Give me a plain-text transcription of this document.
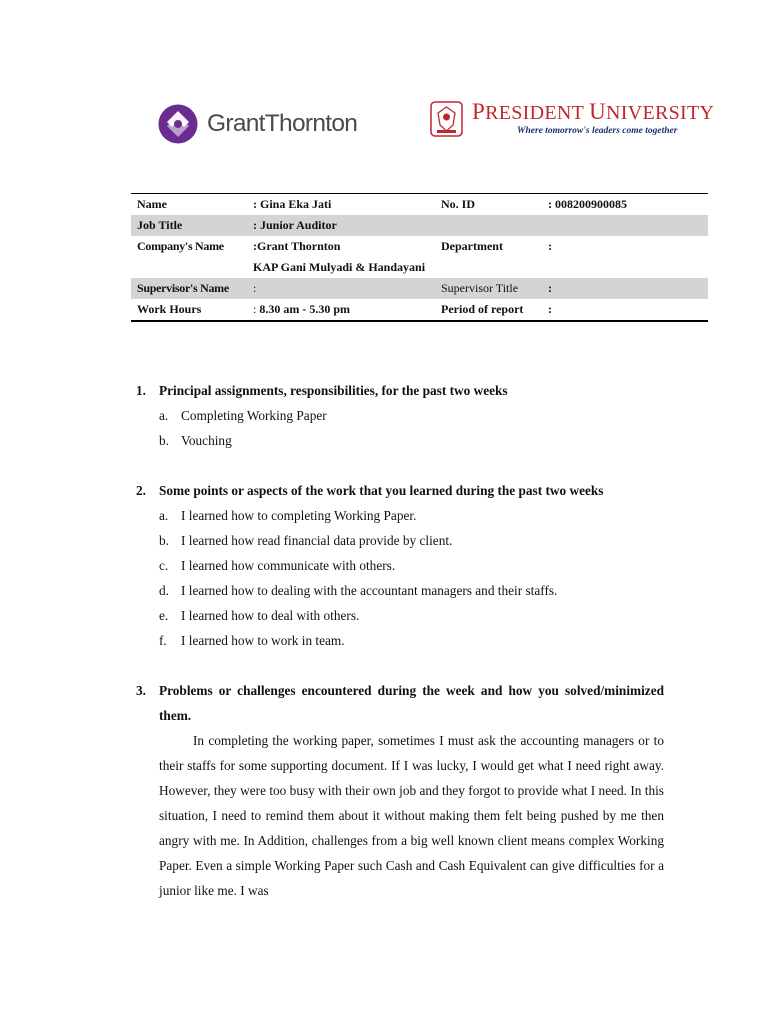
GrantThornton	PRESIDENT UNIVERSITY
Where tomorrow's leaders come together
Name	: Gina Eka Jati	No. ID	: 008200900085
Job Title	: Junior Auditor
Company's Name :Grant Thornton	Department	:
KAP Gani Mulyadi & Handayani
Supervisor's Name :	Supervisor Title :
Work Hours	: 8.30 am - 5.30 pm	Period of report :
1. Principal assignments, responsibilities, for the past two weeks
a. Completing Working Paper
b. Vouching
2. Some points or aspects of the work that you learned during the past two weeks
a. I learned how to completing Working Paper.
b. I learned how read financial data provide by client.
c. I learned how communicate with others.
d. I learned how to dealing with the accountant managers and their staffs.
e. I learned how to deal with others.
f.	I learned how to work in team.
3. Problems or challenges encountered during the week and how you solved/minimized them.
In completing the working paper, sometimes I must ask the accounting managers or to their staffs for some supporting document. If I was lucky, I would get what I need right away. However, they were too busy with their own job and they forgot to provide what I need. In this situation, I need to remind them about it without making them felt being pushed by me then angry with me. In Addition, challenges from a big well known client means complex Working Paper. Even a simple Working Paper such Cash and Cash Equivalent can give difficulties for a junior like me. I was
